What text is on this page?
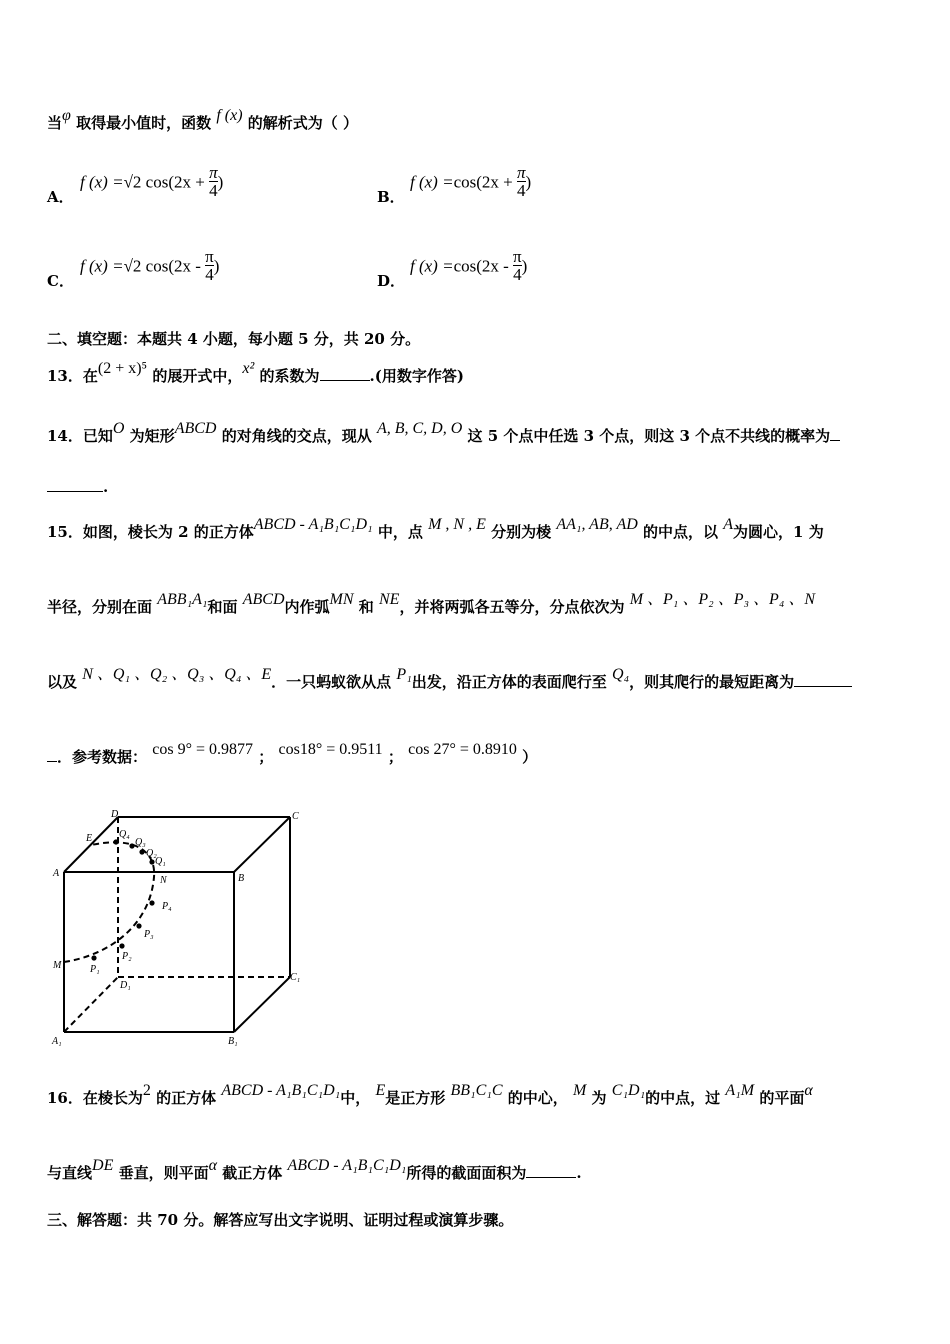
当φ 取得最小值时，函数 f (x) 的解析式为（ ）
A．
f (x) =√2 $\cos(2x + \frac{\pi}{4}$ )
B．
f $(x) =\cos(2x + \frac{\pi}{4}$ )
C．
f (x) =√2 $\cos(2x - \frac{\pi}{4}$ )
D．
f $(x) =\cos(2x - \frac{\pi}{4}$ )
二、填空题：本题共 4 小题，每小题 5 分，共 20 分。
13．在(2 + x)⁵ 的展开式中，x² 的系数为	.(用数字作答)
14．已知O 为矩形ABCD 的对角线的交点，现从 A, B, C, D, O 这 5 个点中任选 3 个点，则这 3 个点不共线的概率为
.
15．如图，棱长为 2 的正方体ABCD - A₁B₁C₁D₁ 中，点 M , N , E 分别为棱 AA₁, AB, AD 的中点，以 A为圆心，1 为
半径，分别在面 ABB₁A₁和面 ABCD内作弧MN 和 NE，并将两弧各五等分，分点依次为 M 、P₁ 、P₂ 、P₃ 、P₄ 、N
以及 N 、Q₁ 、Q₂ 、Q₃ 、Q₄ 、E．一只蚂蚁欲从点 P₁出发，沿正方体的表面爬行至 Q₄，则其爬行的最短距离为
．参考数据： cos 9° = 0.9877 ； cos18° = 0.9511 ； cos 27° = 0.8910 ）
A	B
C
D
A₁	B₁
C₁
D₁
E
M
N
P₁
P₂
P₃
P₄
Q₁
Q₂
Q₃
Q₄
16．在棱长为2 的正方体 ABCD - A₁B₁C₁D₁中， E是正方形 BB₁C₁C 的中心， M 为 C₁D₁的中点，过 A₁M 的平面α
与直线DE 垂直，则平面α 截正方体 ABCD - A₁B₁C₁D₁所得的截面面积为	.
三、解答题：共 70 分。解答应写出文字说明、证明过程或演算步骤。
